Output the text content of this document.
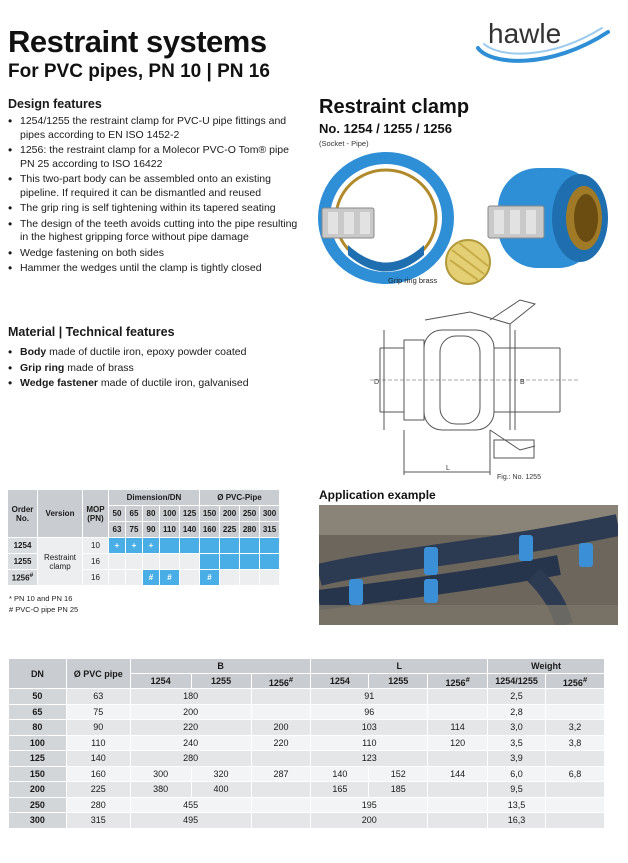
Restraint systems
For PVC pipes, PN 10 | PN 16
hawle
Design features
• 1254/1255 the restraint clamp for PVC-U pipe fittings and pipes according to EN ISO 1452-2
• 1256: the restraint clamp for a Molecor PVC-O Tom® pipe PN 25 according to ISO 16422
• This two-part body can be assembled onto an existing pipeline. If required it can be dismantled and reused
• The grip ring is self tightening within its tapered seating
• The design of the teeth avoids cutting into the pipe resulting in the highest gripping force without pipe damage
• Wedge fastening on both sides
• Hammer the wedges until the clamp is tightly closed
Material | Technical features
• Body made of ductile iron, epoxy powder coated
• Grip ring made of brass
• Wedge fastener made of ductile iron, galvanised
Restraint clamp
No. 1254 / 1255 / 1256
(Socket - Pipe)
Grip ring brass
D	B
L
Fig.: No. 1255
Application example
Order No.	Version	MOP (PN)	Dimension/DN					Ø PVC-Pipe			
			50	65	80	100	125	150	200	250	300
			63	75	90	110	140	160	225	280	315
1254	Restraint clamp	10	+	+	+						
1255		16									
1256#		16			#	#		#			
* PN 10 and PN 16
# PVC-O pipe PN 25
DN	Ø PVC pipe	B			L			Weight	
		1254	1255	1256#	1254	1255	1256#	1254/1255	1256#
50	63	180			91			2,5	
65	75	200			96			2,8	
80	90	220		200	103		114	3,0	3,2
100	110	240		220	110		120	3,5	3,8
125	140	280			123			3,9	
150	160	300	320	287	140	152	144	6,0	6,8
200	225	380	400		165	185		9,5	
250	280	455			195			13,5	
300	315	495			200			16,3	
